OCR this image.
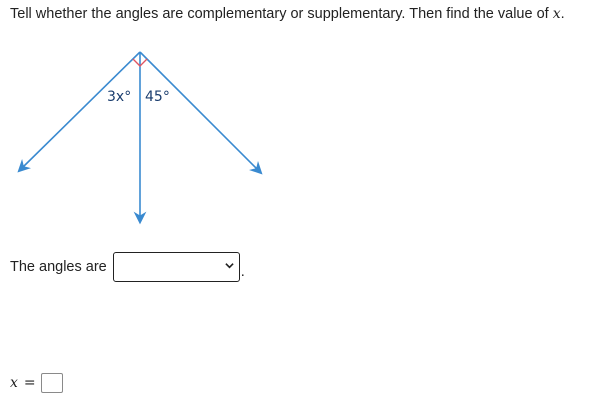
Tell whether the angles are complementary or supplementary. Then find the value of x.
3x° 45°
The angles are	.
x =
